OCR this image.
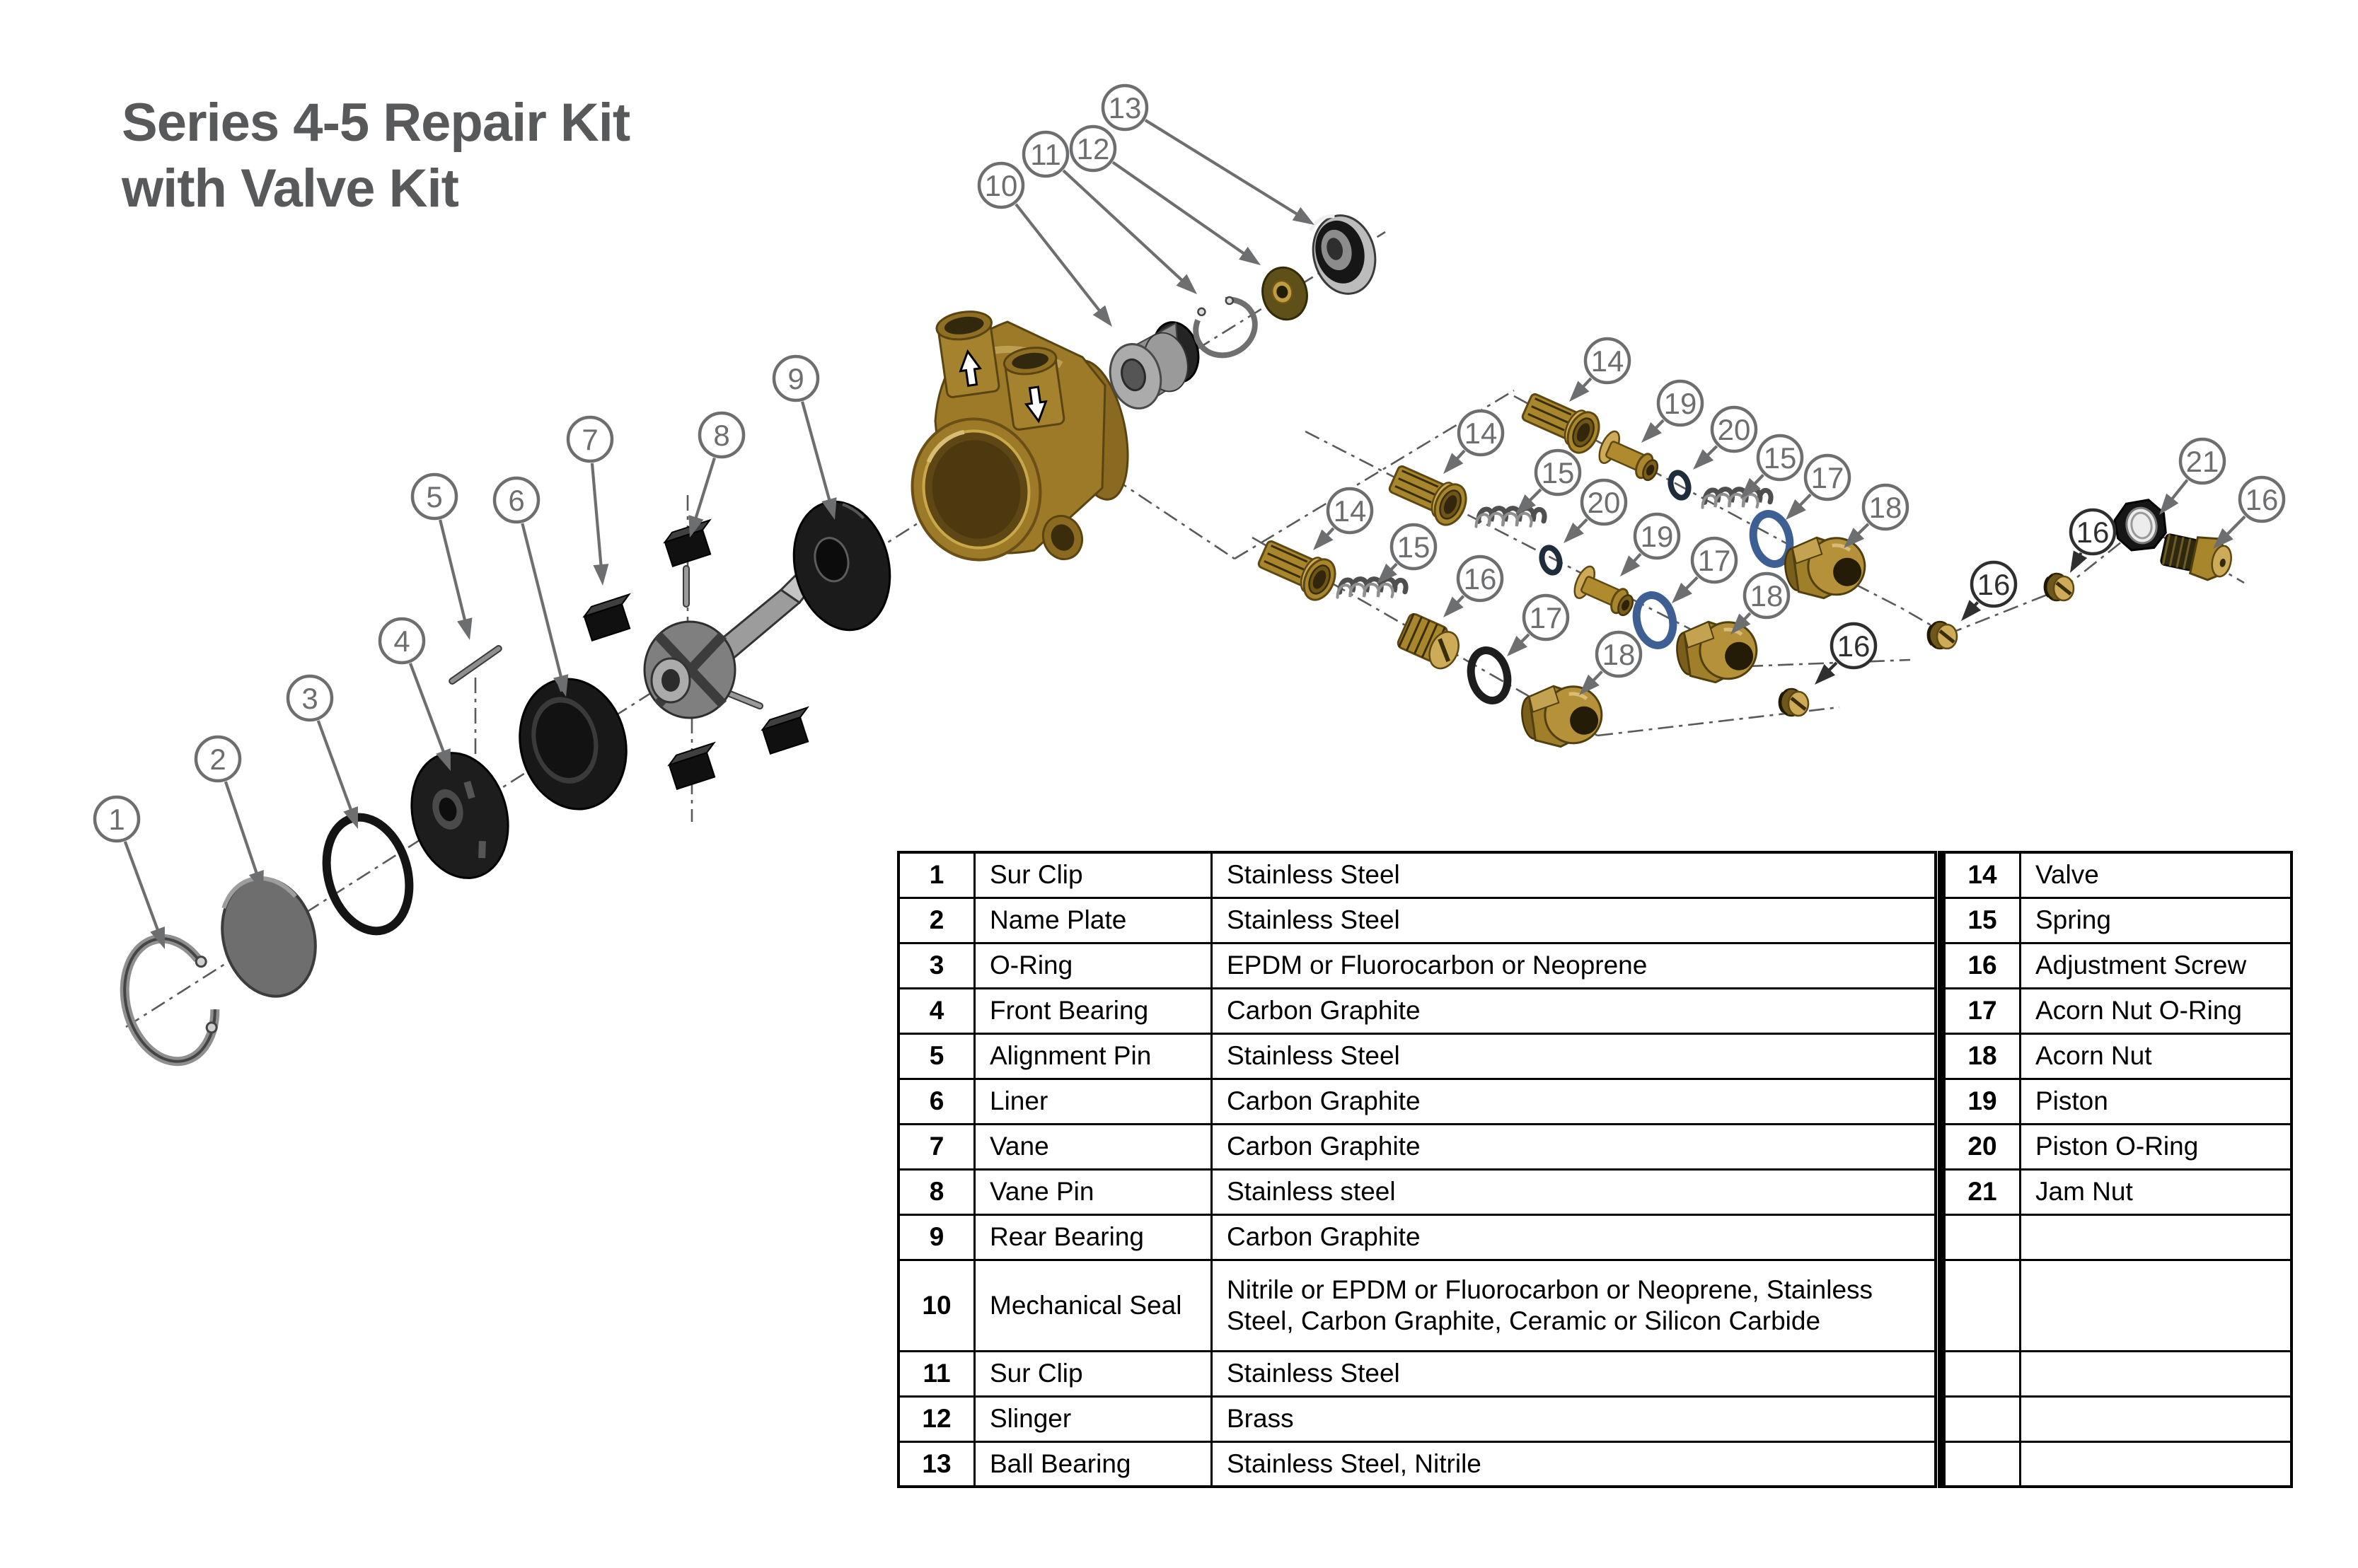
1
2
3
4
5 6
7	8
9
10
11 12
13
14
19
20
15
17
18
14
15
20
19
17
18
14
15
16
17
18	16
16
16
21
16
Series 4-5 Repair Kit
with Valve Kit
1	Sur Clip	Stainless Steel
2	Name Plate	Stainless Steel
3	O-Ring	EPDM or Fluorocarbon or Neoprene
4	Front Bearing	Carbon Graphite
5	Alignment Pin	Stainless Steel
6	Liner	Carbon Graphite
7	Vane	Carbon Graphite
8	Vane Pin	Stainless steel
9	Rear Bearing	Carbon Graphite
10	Mechanical Seal	Nitrile or EPDM or Fluorocarbon or Neoprene, Stainless Steel, Carbon Graphite, Ceramic or Silicon Carbide
11	Sur Clip	Stainless Steel
12	Slinger	Brass
13	Ball Bearing	Stainless Steel, Nitrile
14	Valve
15	Spring
16	Adjustment Screw
17	Acorn Nut O-Ring
18	Acorn Nut
19	Piston
20	Piston O-Ring
21	Jam Nut
